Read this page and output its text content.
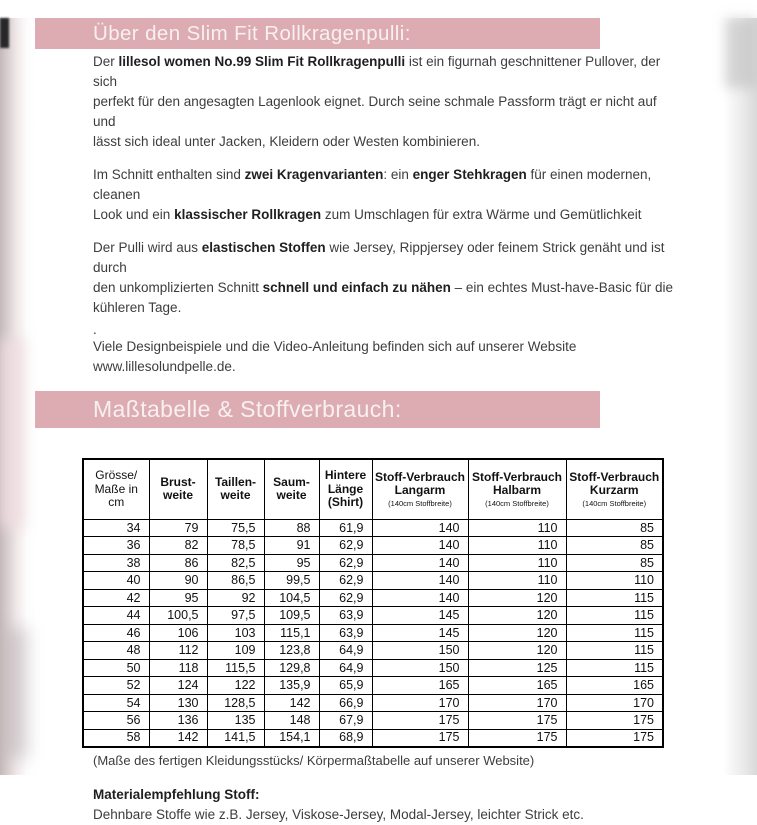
Über den Slim Fit Rollkragenpulli:

Der lillesol women No.99 Slim Fit Rollkragenpulli ist ein figurnah geschnittener Pullover, der sich
perfekt für den angesagten Lagenlook eignet. Durch seine schmale Passform trägt er nicht auf und
lässt sich ideal unter Jacken, Kleidern oder Westen kombinieren.

Im Schnitt enthalten sind zwei Kragenvarianten: ein enger Stehkragen für einen modernen, cleanen
Look und ein klassischer Rollkragen zum Umschlagen für extra Wärme und Gemütlichkeit

Der Pulli wird aus elastischen Stoffen wie Jersey, Rippjersey oder feinem Strick genäht und ist durch
den unkomplizierten Schnitt schnell und einfach zu nähen – ein echtes Must-have-Basic für die
kühleren Tage.

.

Viele Designbeispiele und die Video-Anleitung befinden sich auf unserer Website
www.lillesolundpelle.de.

Maßtabelle & Stoffverbrauch:
Grösse/
Maße in
cm	Brust-
weite	Taillen-
weite	Saum-
weite	Hintere
Länge
(Shirt)	Stoff-Verbrauch
Langarm
(140cm Stoffbreite)	Stoff-Verbrauch
Halbarm
(140cm Stoffbreite)	Stoff-Verbrauch
Kurzarm
(140cm Stoffbreite)

34	79	75,5	88	61,9	140	110	85
36	82	78,5	91	62,9	140	110	85
38	86	82,5	95	62,9	140	110	85
40	90	86,5	99,5	62,9	140	110	110
42	95	92	104,5	62,9	140	120	115
44	100,5	97,5	109,5	63,9	145	120	115
46	106	103	115,1	63,9	145	120	115
48	112	109	123,8	64,9	150	120	115
50	118	115,5	129,8	64,9	150	125	115
52	124	122	135,9	65,9	165	165	165
54	130	128,5	142	66,9	170	170	170
56	136	135	148	67,9	175	175	175
58	142	141,5	154,1	68,9	175	175	175
(Maße des fertigen Kleidungsstücks/ Körpermaßtabelle auf unserer Website)
Materialempfehlung Stoff:
Dehnbare Stoffe wie z.B. Jersey, Viskose-Jersey, Modal-Jersey, leichter Strick etc.
